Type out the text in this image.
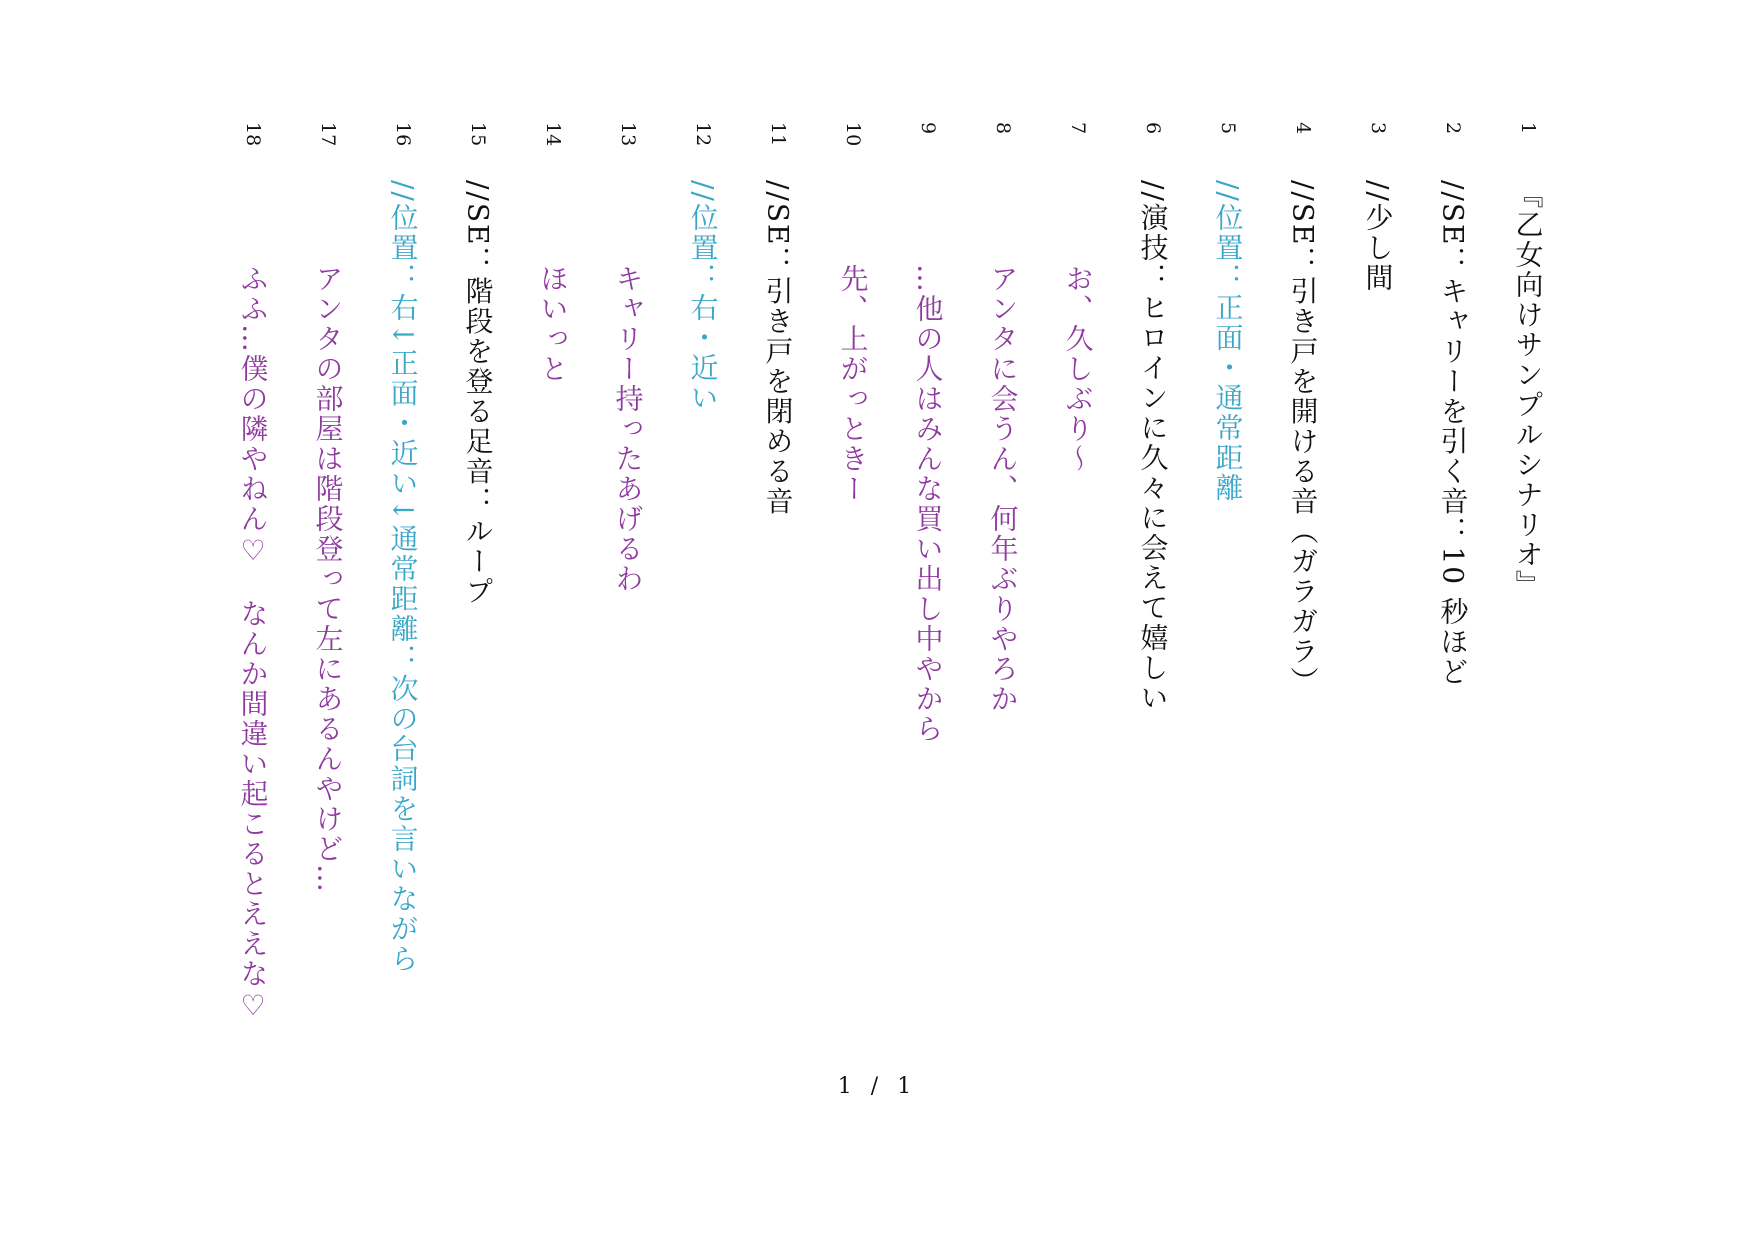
1
『乙女向けサンプルシナリオ』
2
//SE：キャリーを引く音：10 秒ほど
3
//少し間
4
//SE：引き戸を開ける音（ガラガラ）
5
//位置：正面・通常距離
6
//演技：ヒロインに久々に会えて嬉しい
7
お、久しぶり～
8
アンタに会うん、何年ぶりやろか
9
…他の人はみんな買い出し中やから
10
先、上がっときー
11
//SE：引き戸を閉める音
12
//位置：右・近い
13
キャリー持ったあげるわ
14
ほいっと
15
//SE：階段を登る足音：ループ
16
//位置：右↓正面・近い↓通常距離：次の台詞を言いながら
17
アンタの部屋は階段登って左にあるんやけど…
18
ふふ…僕の隣やねん♡　なんか間違い起こるとええな♡
1 / 1
